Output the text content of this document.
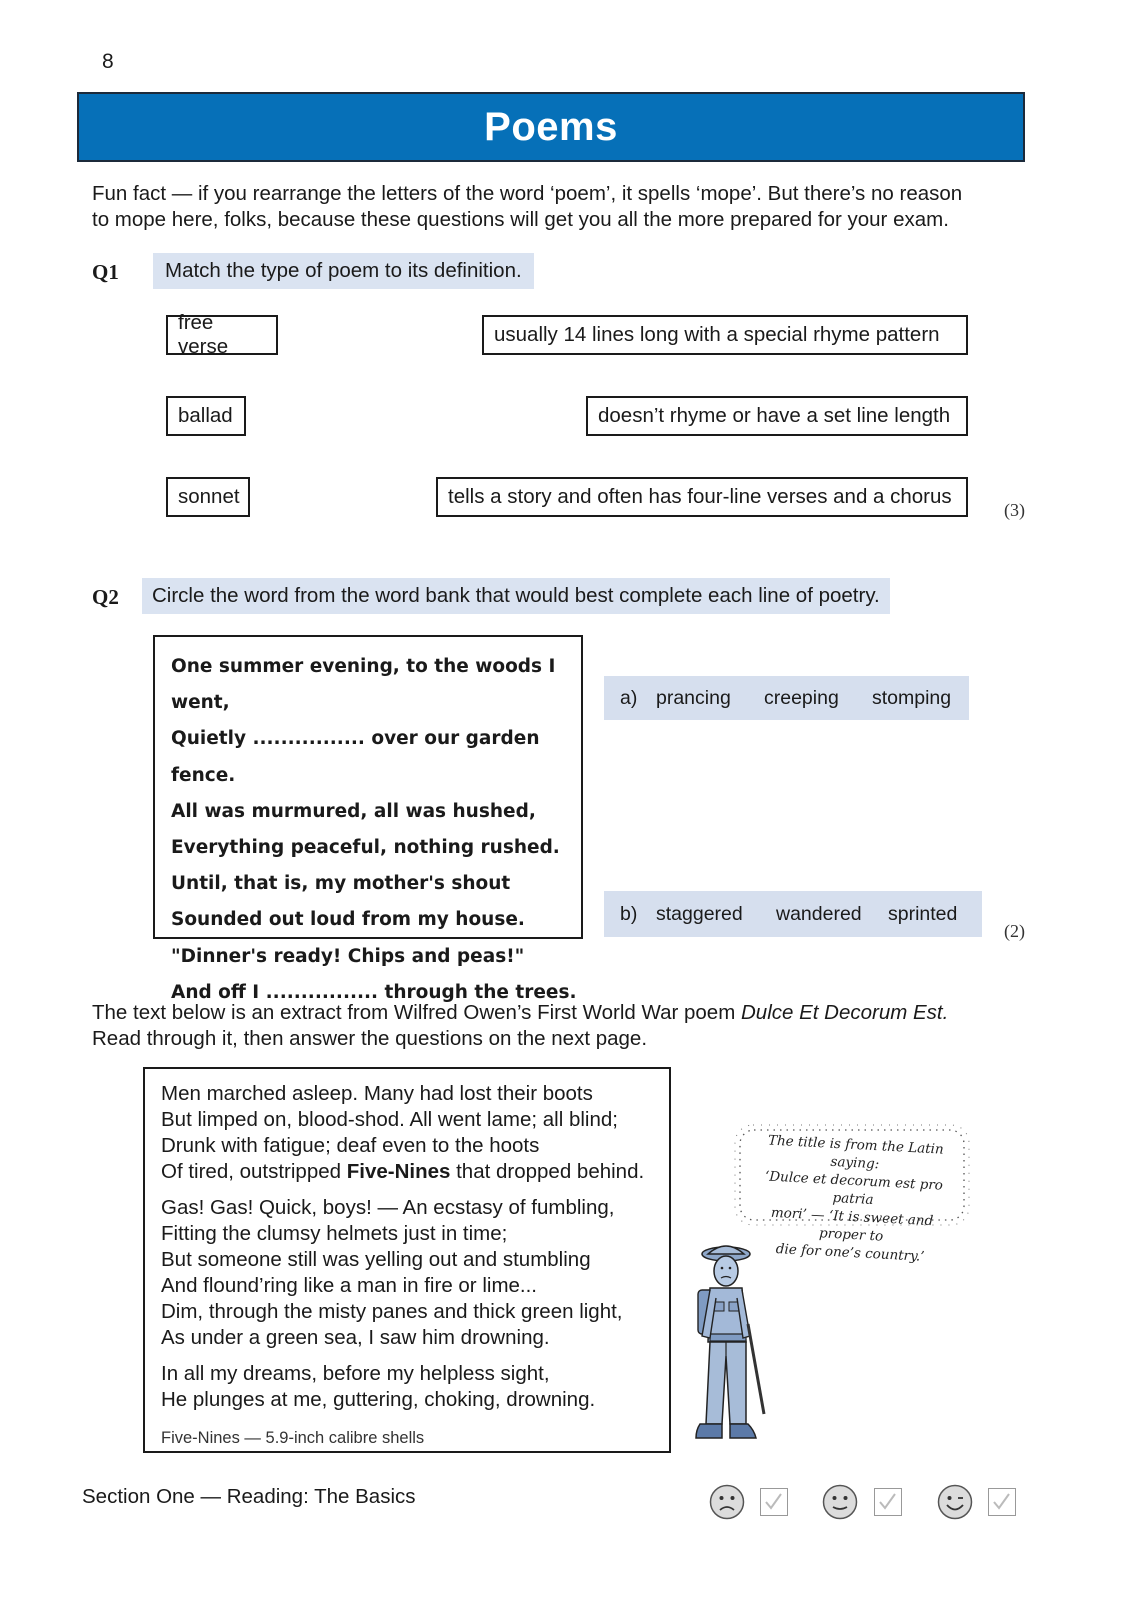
8
Poems
Fun fact — if you rearrange the letters of the word ‘poem’, it spells ‘mope’. But there’s no reason
to mope here, folks, because these questions will get you all the more prepared for your exam.
Q1	Match the type of poem to its definition.
free verse
ballad
sonnet
usually 14 lines long with a special rhyme pattern
doesn’t rhyme or have a set line length
tells a story and often has four-line verses and a chorus
(3)
Q2	Circle the word from the word bank that would best complete each line of poetry.
One summer evening, to the woods I went,
Quietly ................ over our garden fence.
All was murmured, all was hushed,
Everything peaceful, nothing rushed.
Until, that is, my mother's shout
Sounded out loud from my house.
"Dinner's ready! Chips and peas!"
And off I ................ through the trees.
a) prancing	creeping	stomping
b) staggered	wandered	sprinted
(2)
The text below is an extract from Wilfred Owen’s First World War poem Dulce Et Decorum Est.
Read through it, then answer the questions on the next page.
Men marched asleep. Many had lost their boots
But limped on, blood-shod. All went lame; all blind;
Drunk with fatigue; deaf even to the hoots
Of tired, outstripped Five-Nines that dropped behind.
Gas! Gas! Quick, boys! — An ecstasy of fumbling,
Fitting the clumsy helmets just in time;
But someone still was yelling out and stumbling
And flound’ring like a man in fire or lime...
Dim, through the misty panes and thick green light,
As under a green sea, I saw him drowning.
In all my dreams, before my helpless sight,
He plunges at me, guttering, choking, drowning.
Five-Nines — 5.9-inch calibre shells
The title is from the Latin saying:
‘Dulce et decorum est pro patria
mori’ — ‘It is sweet and proper to
die for one’s country.’
Section One — Reading: The Basics
